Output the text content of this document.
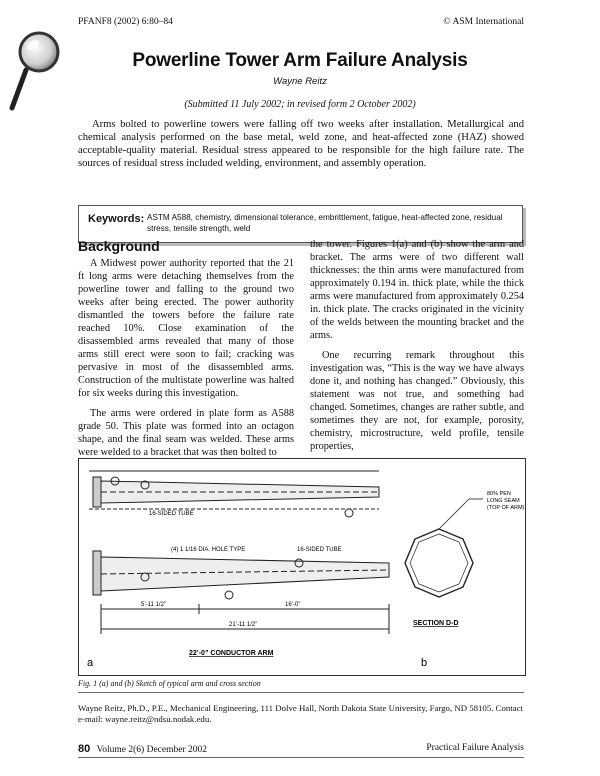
PFANF8 (2002) 6:80–84	© ASM International
Powerline Tower Arm Failure Analysis
Wayne Reitz
(Submitted 11 July 2002; in revised form 2 October 2002)
Arms bolted to powerline towers were falling off two weeks after installation. Metallurgical and chemical analysis performed on the base metal, weld zone, and heat-affected zone (HAZ) showed acceptable-quality material. Residual stress appeared to be responsible for the high failure rate. The sources of residual stress included welding, environment, and assembly operation.
Keywords: ASTM A588, chemistry, dimensional tolerance, embrittlement, fatigue, heat-affected zone, residual stress, tensile strength, weld
Background

A Midwest power authority reported that the 21 ft long arms were detaching themselves from the powerline tower and falling to the ground two weeks after being erected. The power authority dismantled the towers before the failure rate reached 10%. Close examination of the disassembled arms revealed that many of those arms still erect were soon to fail; cracking was pervasive in most of the disassembled arms. Construction of the multistate powerline was halted for six weeks during this investigation.

The arms were ordered in plate form as A588 grade 50. This plate was formed into an octagon shape, and the final seam was welded. These arms were welded to a bracket that was then bolted to

the tower. Figures 1(a) and (b) show the arm and bracket. The arms were of two different wall thicknesses: the thin arms were manufactured from approximately 0.194 in. thick plate, while the thick arms were manufactured from approximately 0.254 in. thick plate. The cracks originated in the vicinity of the welds between the mounting bracket and the arms.

One recurring remark throughout this investigation was, “This is the way we have always done it, and nothing has changed.” Obviously, this statement was not true, and something had changed. Sometimes, changes are rather subtle, and sometimes they are not, for example, porosity, chemistry, microstructure, weld profile, tensile properties,

16-SIDED TUBE
(4) 1 1/16 DIA. HOLE TYPE	16-SIDED TUBE
5’-11 1/2”	16’-0”
21’-11 1/2”
22’-0” CONDUCTOR ARM
a
80% PEN
LONG SEAM
(TOP OF ARM)
SECTION D-D
b
Fig. 1 (a) and (b) Sketch of typical arm and cross section
Wayne Reitz, Ph.D., P.E., Mechanical Engineering, 111 Dolve Hall, North Dakota State University, Fargo, ND 58105. Contact e-mail: wayne.reitz@ndsu.nodak.edu.
80 Volume 2(6) December 2002	Practical Failure Analysis
